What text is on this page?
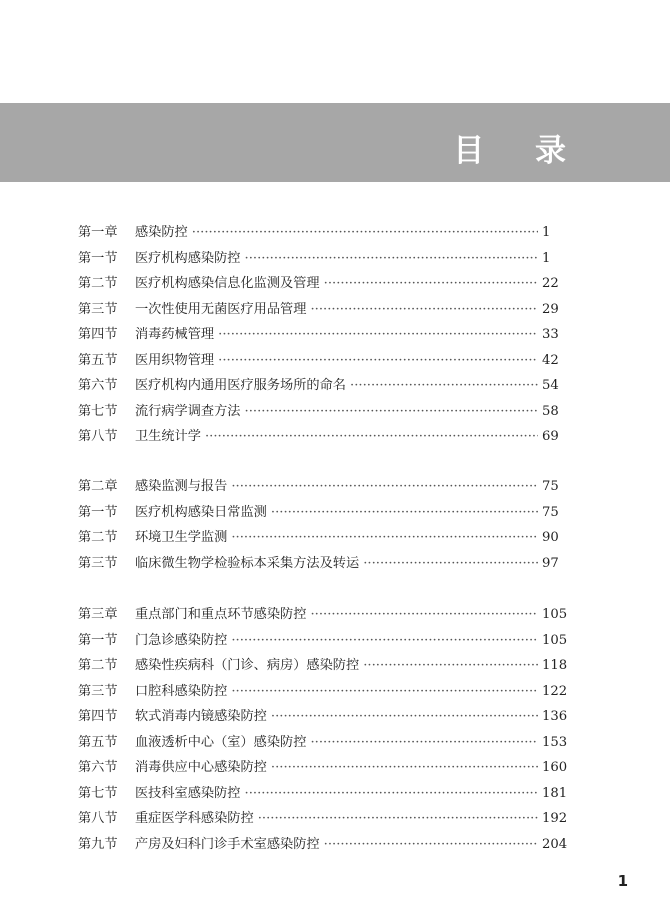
目 录
第一章	感染防控 ·····	1
第一节	医疗机构感染防控 ·····	1
第二节	医疗机构感染信息化监测及管理 ·····	22
第三节	一次性使用无菌医疗用品管理 ·····	29
第四节	消毒药械管理 ·····	33
第五节	医用织物管理 ·····	42
第六节	医疗机构内通用医疗服务场所的命名 ·····	54
第七节	流行病学调查方法 ·····	58
第八节	卫生统计学 ·····	69
第二章	感染监测与报告 ·····	75
第一节	医疗机构感染日常监测 ·····	75
第二节	环境卫生学监测 ·····	90
第三节	临床微生物学检验标本采集方法及转运 ·····	97
第三章	重点部门和重点环节感染防控 ·····	105
第一节	门急诊感染防控 ·····	105
第二节	感染性疾病科（门诊、病房）感染防控 ·····	118
第三节	口腔科感染防控 ·····	122
第四节	软式消毒内镜感染防控 ·····	136
第五节	血液透析中心（室）感染防控 ·····	153
第六节	消毒供应中心感染防控 ·····	160
第七节	医技科室感染防控 ·····	181
第八节	重症医学科感染防控 ·····	192
第九节	产房及妇科门诊手术室感染防控 ·····	204
1
